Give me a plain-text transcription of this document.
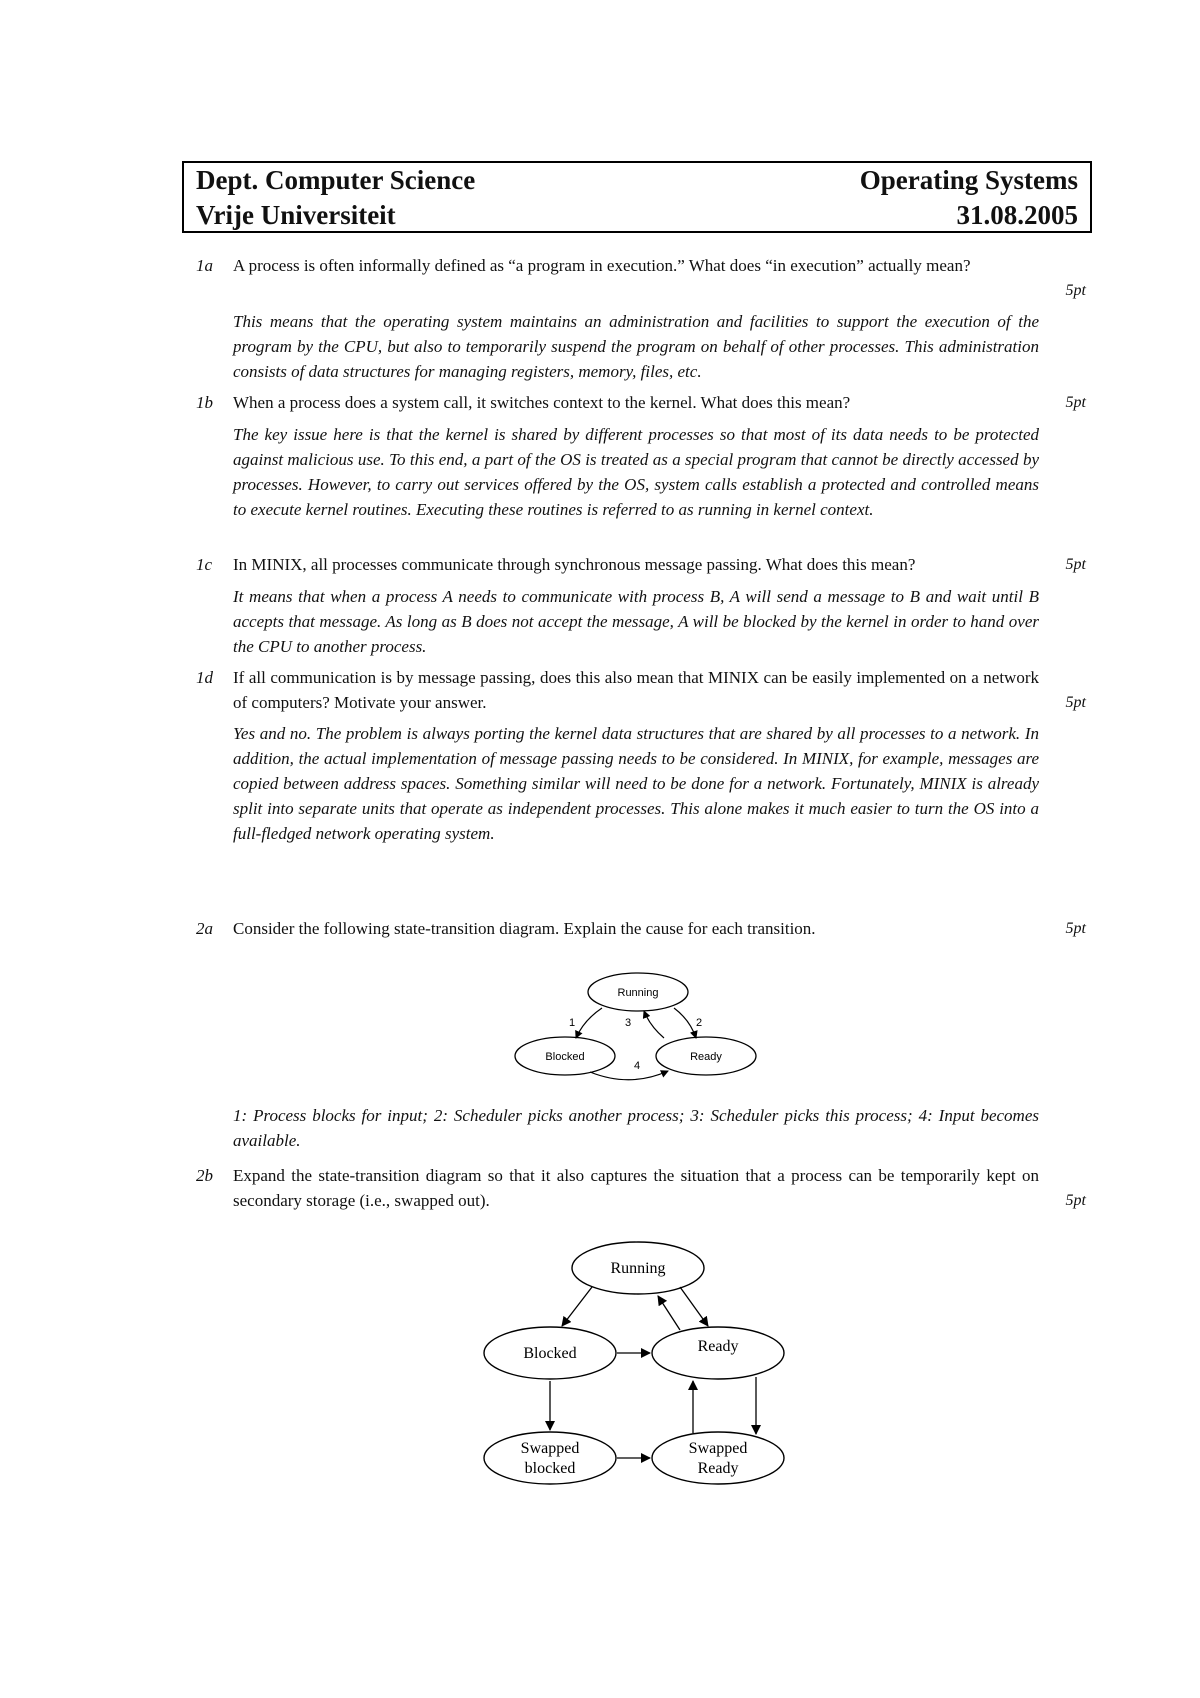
Dept. Computer Science	Operating Systems
Vrije Universiteit	31.08.2005
1a	A process is often informally defined as “a program in execution.” What does “in execution” actually mean?
5pt
This means that the operating system maintains an administration and facilities to support the execution of the program by the CPU, but also to temporarily suspend the program on behalf of other processes. This administration consists of data structures for managing registers, memory, files, etc.
1b	When a process does a system call, it switches context to the kernel. What does this mean?	5pt
The key issue here is that the kernel is shared by different processes so that most of its data needs to be protected against malicious use. To this end, a part of the OS is treated as a special program that cannot be directly accessed by processes. However, to carry out services offered by the OS, system calls establish a protected and controlled means to execute kernel routines. Executing these routines is referred to as running in kernel context.
1c	In MINIX, all processes communicate through synchronous message passing. What does this mean?	5pt
It means that when a process A needs to communicate with process B, A will send a message to B and wait until B accepts that message. As long as B does not accept the message, A will be blocked by the kernel in order to hand over the CPU to another process.
1d	If all communication is by message passing, does this also mean that MINIX can be easily implemented on a network of computers? Motivate your answer.	5pt
Yes and no. The problem is always porting the kernel data structures that are shared by all processes to a network. In addition, the actual implementation of message passing needs to be considered. In MINIX, for example, messages are copied between address spaces. Something similar will need to be done for a network. Fortunately, MINIX is already split into separate units that operate as independent processes. This alone makes it much easier to turn the OS into a full-fledged network operating system.
2a	Consider the following state-transition diagram. Explain the cause for each transition.	5pt
Running
Blocked	Ready
1	2
3
4
1: Process blocks for input; 2: Scheduler picks another process; 3: Scheduler picks this process; 4: Input becomes available.
2b	Expand the state-transition diagram so that it also captures the situation that a process can be temporarily kept on secondary storage (i.e., swapped out).	5pt
Running
Blocked	Ready
Swapped
blocked
Swapped
Ready
